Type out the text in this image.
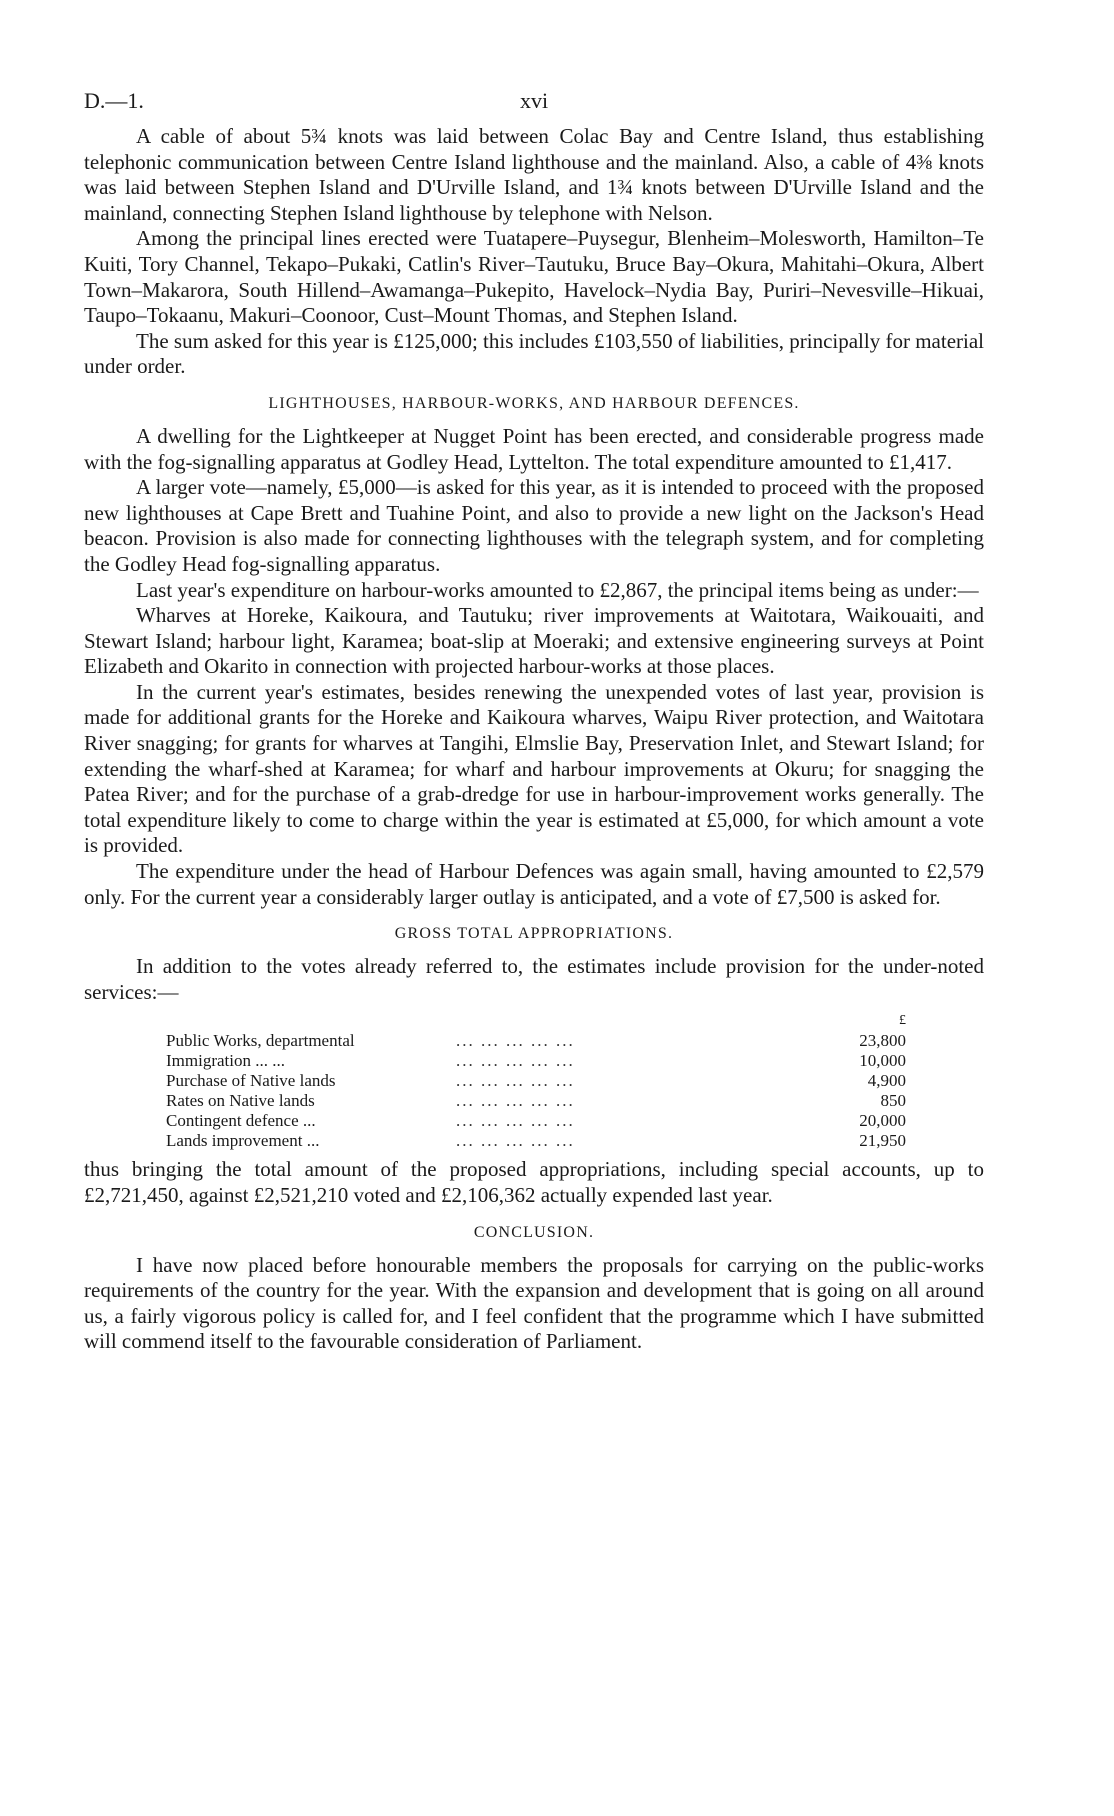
D.—1.	xvi

A cable of about 5¾ knots was laid between Colac Bay and Centre Island, thus establishing telephonic communication between Centre Island lighthouse and the mainland. Also, a cable of 4⅜ knots was laid between Stephen Island and D'Urville Island, and 1¾ knots between D'Urville Island and the mainland, connecting Stephen Island lighthouse by telephone with Nelson.

Among the principal lines erected were Tuatapere–Puysegur, Blenheim–Molesworth, Hamilton–Te Kuiti, Tory Channel, Tekapo–Pukaki, Catlin's River–Tautuku, Bruce Bay–Okura, Mahitahi–Okura, Albert Town–Makarora, South Hillend–Awamanga–Pukepito, Havelock–Nydia Bay, Puriri–Nevesville–Hikuai, Taupo–Tokaanu, Makuri–Coonoor, Cust–Mount Thomas, and Stephen Island.

The sum asked for this year is £125,000; this includes £103,550 of liabilities, principally for material under order.

LIGHTHOUSES, HARBOUR-WORKS, AND HARBOUR DEFENCES.

A dwelling for the Lightkeeper at Nugget Point has been erected, and considerable progress made with the fog-signalling apparatus at Godley Head, Lyttelton. The total expenditure amounted to £1,417.

A larger vote—namely, £5,000—is asked for this year, as it is intended to proceed with the proposed new lighthouses at Cape Brett and Tuahine Point, and also to provide a new light on the Jackson's Head beacon. Provision is also made for connecting lighthouses with the telegraph system, and for completing the Godley Head fog-signalling apparatus.

Last year's expenditure on harbour-works amounted to £2,867, the principal items being as under:—

Wharves at Horeke, Kaikoura, and Tautuku; river improvements at Waitotara, Waikouaiti, and Stewart Island; harbour light, Karamea; boat-slip at Moeraki; and extensive engineering surveys at Point Elizabeth and Okarito in connection with projected harbour-works at those places.

In the current year's estimates, besides renewing the unexpended votes of last year, provision is made for additional grants for the Horeke and Kaikoura wharves, Waipu River protection, and Waitotara River snagging; for grants for wharves at Tangihi, Elmslie Bay, Preservation Inlet, and Stewart Island; for extending the wharf-shed at Karamea; for wharf and harbour improvements at Okuru; for snagging the Patea River; and for the purchase of a grab-dredge for use in harbour-improvement works generally. The total expenditure likely to come to charge within the year is estimated at £5,000, for which amount a vote is provided.

The expenditure under the head of Harbour Defences was again small, having amounted to £2,579 only. For the current year a considerably larger outlay is anticipated, and a vote of £7,500 is asked for.

GROSS TOTAL APPROPRIATIONS.

In addition to the votes already referred to, the estimates include provision for the under-noted services:—

		£
Public Works, departmental	... ... ... ... ...	23,800
Immigration ... ...	... ... ... ... ...	10,000
Purchase of Native lands	... ... ... ... ...	4,900
Rates on Native lands	... ... ... ... ...	850
Contingent defence ...	... ... ... ... ...	20,000
Lands improvement ...	... ... ... ... ...	21,950

thus bringing the total amount of the proposed appropriations, including special accounts, up to £2,721,450, against £2,521,210 voted and £2,106,362 actually expended last year.

CONCLUSION.

I have now placed before honourable members the proposals for carrying on the public-works requirements of the country for the year. With the expansion and development that is going on all around us, a fairly vigorous policy is called for, and I feel confident that the programme which I have submitted will commend itself to the favourable consideration of Parliament.
